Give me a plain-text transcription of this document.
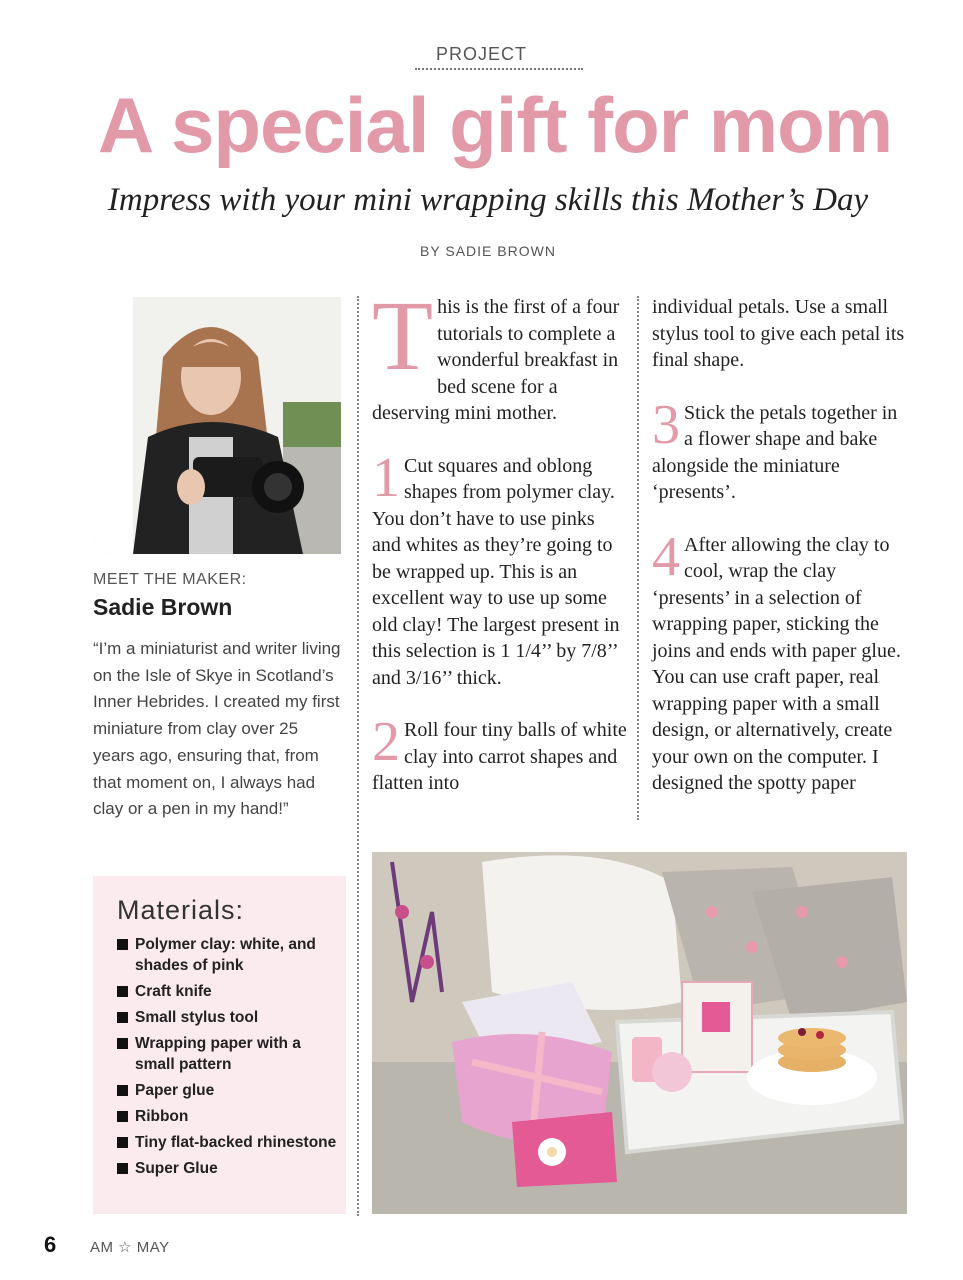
PROJECT
A special gift for mom
Impress with your mini wrapping skills this Mother’s Day
BY SADIE BROWN
MEET THE MAKER:
Sadie Brown
“I’m a miniaturist and writer living on the Isle of Skye in Scotland’s Inner Hebrides. I created my first miniature from clay over 25 years ago, ensuring that, from that moment on, I always had clay or a pen in my hand!”
Materials:
Polymer clay: white, and shades of pink
Craft knife
Small stylus tool
Wrapping paper with a small pattern
Paper glue
Ribbon
Tiny flat-backed rhinestone
Super Glue

This is the first of a four tutorials to complete a wonderful breakfast in bed scene for a deserving mini mother.

1 Cut squares and oblong shapes from polymer clay. You don’t have to use pinks and whites as they’re going to be wrapped up. This is an excellent way to use up some old clay! The largest present in this selection is 1 1/4’’ by 7/8’’ and 3/16’’ thick.

2 Roll four tiny balls of white clay into carrot shapes and flatten into

individual petals. Use a small stylus tool to give each petal its final shape.

3 Stick the petals together in a flower shape and bake alongside the miniature ‘presents’.

4 After allowing the clay to cool, wrap the clay ‘presents’ in a selection of wrapping paper, sticking the joins and ends with paper glue. You can use craft paper, real wrapping paper with a small design, or alternatively, create your own on the computer. I designed the spotty paper

6 AM ☆ MAY
